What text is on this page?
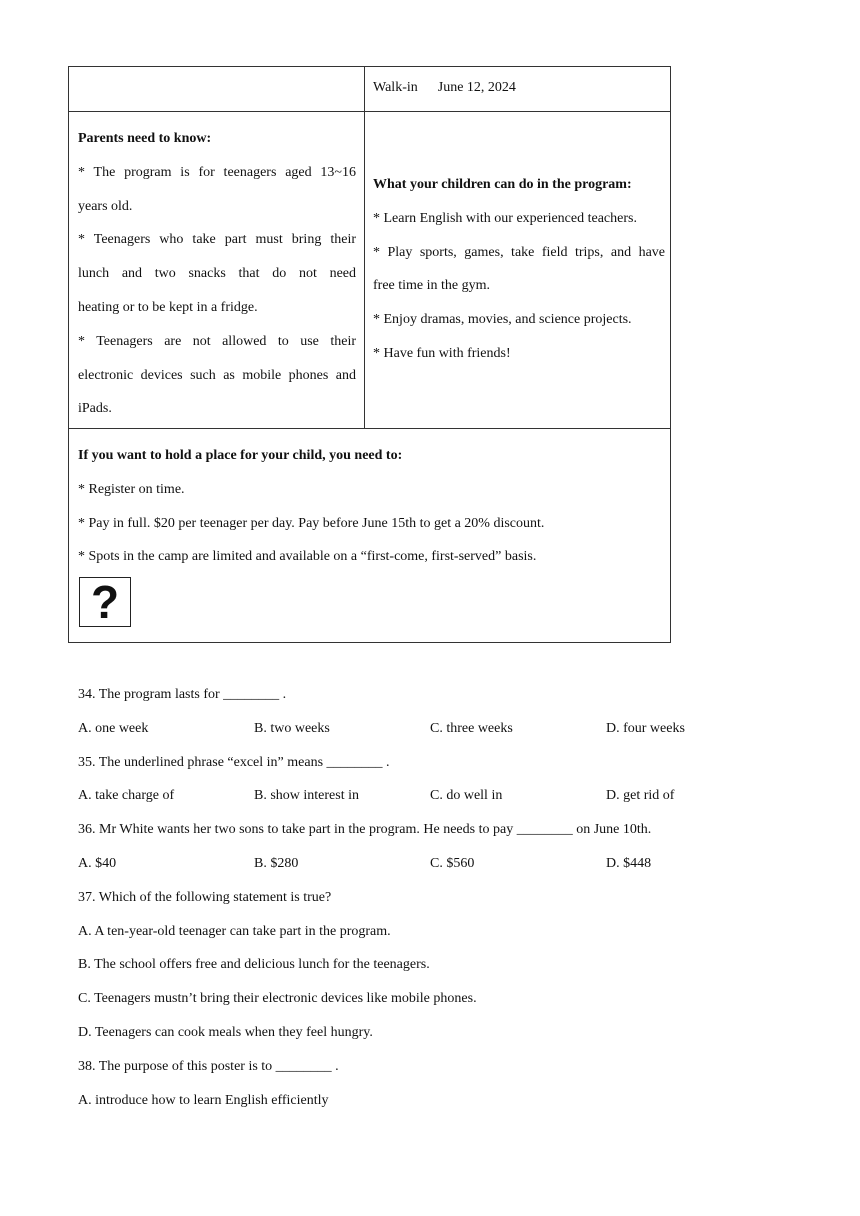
Walk-in June 12, 2024

Parents need to know:

* The program is for teenagers aged 13~16

years old.

* Teenagers who take part must bring their

lunch and two snacks that do not need

heating or to be kept in a fridge.

* Teenagers are not allowed to use their

electronic devices such as mobile phones and

iPads.

What your children can do in the program:

* Learn English with our experienced teachers.

* Play sports, games, take field trips, and have

free time in the gym.

* Enjoy dramas, movies, and science projects.

* Have fun with friends!

If you want to hold a place for your child, you need to:

* Register on time.

* Pay in full. $20 per teenager per day. Pay before June 15th to get a 20% discount.

* Spots in the camp are limited and available on a “first-come, first-served” basis.

?

34. The program lasts for ________ .

A. one week	B. two weeks	C. three weeks	D. four weeks

35. The underlined phrase “excel in” means ________ .

A. take charge of	B. show interest in	C. do well in	D. get rid of

36. Mr White wants her two sons to take part in the program. He needs to pay ________ on June 10th.

A. $40	B. $280	C. $560	D. $448

37. Which of the following statement is true?

A. A ten-year-old teenager can take part in the program.

B. The school offers free and delicious lunch for the teenagers.

C. Teenagers mustn’t bring their electronic devices like mobile phones.

D. Teenagers can cook meals when they feel hungry.

38. The purpose of this poster is to ________ .

A. introduce how to learn English efficiently
